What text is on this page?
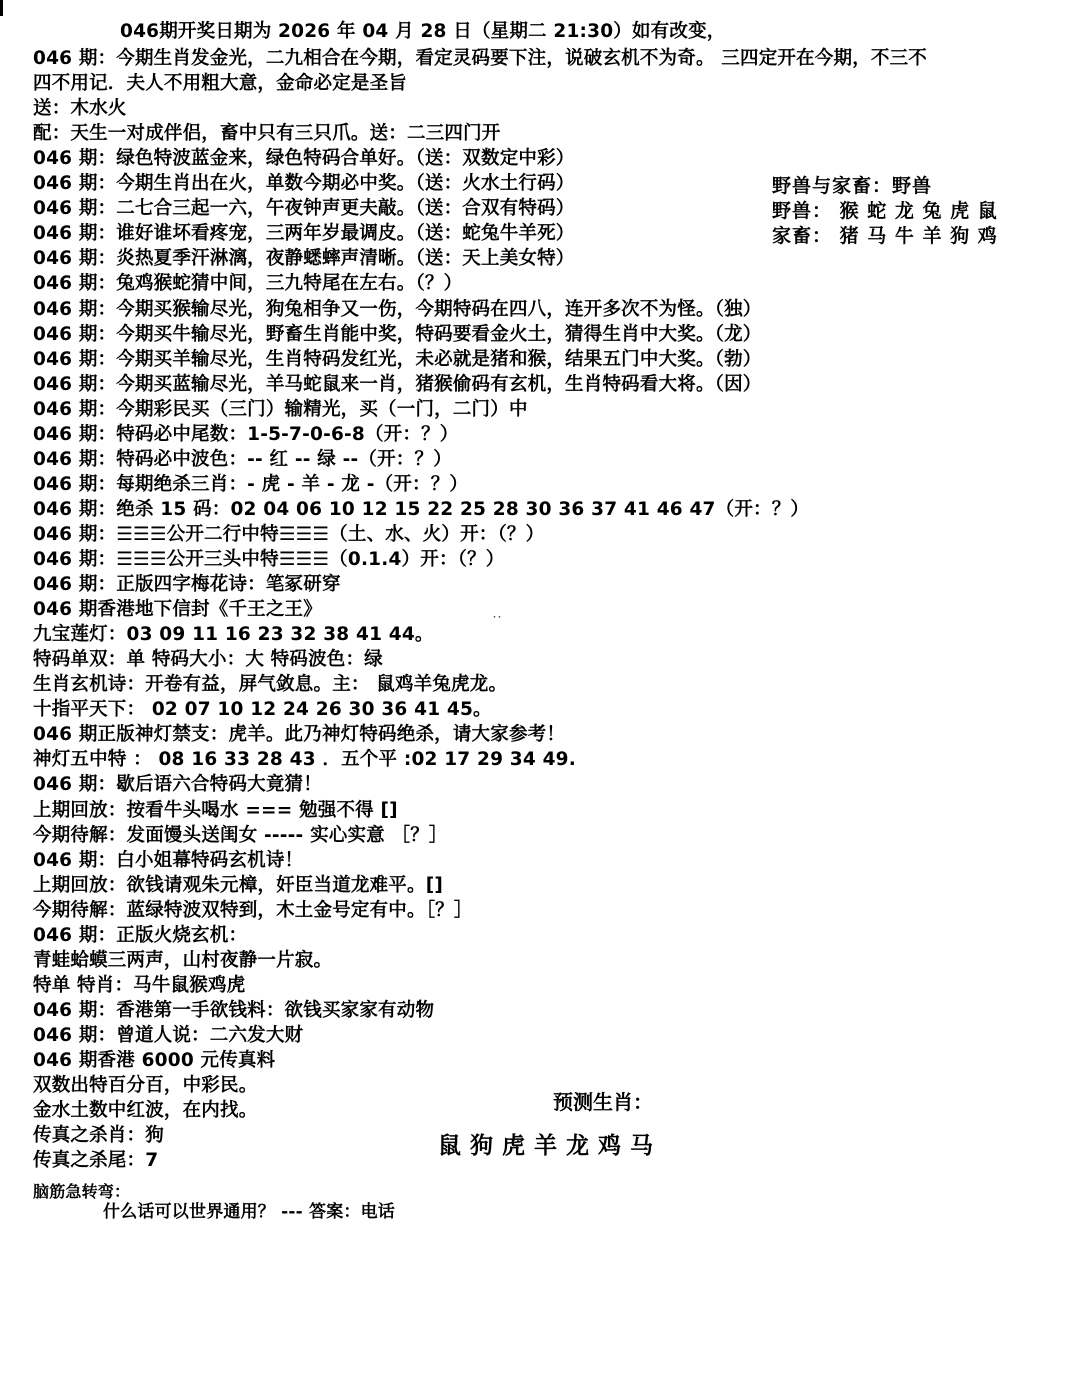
046期开奖日期为 2026 年 04 月 28 日（星期二 21:30）如有改变，
046 期：今期生肖发金光，二九相合在今期，看定灵码要下注，说破玄机不为奇。 三四定开在今期，不三不
四不用记．夫人不用粗大意，金命必定是圣旨
送：木水火
配：天生一对成伴侣，畜中只有三只爪。送：二三四门开
046 期：绿色特波蓝金来，绿色特码合单好。（送：双数定中彩）
046 期：今期生肖出在火，单数今期必中奖。（送：火水土行码）
046 期：二七合三起一六，午夜钟声更夫敲。（送：合双有特码）
046 期：谁好谁坏看疼宠，三两年岁最调皮。（送：蛇兔牛羊死）
046 期：炎热夏季汗淋漓，夜静蟋蟀声清晰。（送：天上美女特）
046 期：兔鸡猴蛇猜中间，三九特尾在左右。（？）
046 期：今期买猴输尽光，狗兔相争又一伤，今期特码在四八，连开多次不为怪。（独）
046 期：今期买牛输尽光，野畜生肖能中奖，特码要看金火土，猜得生肖中大奖。（龙）
046 期：今期买羊输尽光，生肖特码发红光，未必就是猪和猴，结果五门中大奖。（勃）
046 期：今期买蓝输尽光，羊马蛇鼠来一肖，猪猴偷码有玄机，生肖特码看大将。（因）
046 期：今期彩民买（三门）输精光，买（一门，二门）中
046 期：特码必中尾数：1-5-7-0-6-8（开：？）
046 期：特码必中波色：-- 红 -- 绿 --（开：？）
046 期：每期绝杀三肖：- 虎 - 羊 - 龙 -（开：？）
046 期：绝杀 15 码：02 04 06 10 12 15 22 25 28 30 36 37 41 46 47（开：？）
046 期：☰☰☰公开二行中特☰☰☰（土、水、火）开：（？）
046 期：☰☰☰公开三头中特☰☰☰（0.1.4）开：（？）
046 期：正版四字梅花诗：笔冢研穿
046 期香港地下信封《千王之王》
九宝莲灯：03 09 11 16 23 32 38 41 44。
特码单双：单 特码大小：大 特码波色：绿
生肖玄机诗：开卷有益，屏气敛息。主： 鼠鸡羊兔虎龙。
十指平天下： 02 07 10 12 24 26 30 36 41 45。
046 期正版神灯禁支：虎羊。此乃神灯特码绝杀，请大家参考！
神灯五中特 ： 08 16 33 28 43 ．五个平 :02 17 29 34 49.
046 期：歇后语六合特码大竟猜！
上期回放：按看牛头喝水 === 勉强不得 []
今期待解：发面馒头送闺女 ----- 实心实意 ［？］
046 期：白小姐幕特码玄机诗！
上期回放：欲钱请观朱元樟，奸臣当道龙难平。[]
今期待解：蓝绿特波双特到，木土金号定有中。［？］
046 期：正版火烧玄机：
青蛙蛤蟆三两声，山村夜静一片寂。
特单 特肖：马牛鼠猴鸡虎
046 期：香港第一手欲钱料：欲钱买家家有动物
046 期：曾道人说：二六发大财
046 期香港 6000 元传真料
双数出特百分百，中彩民。
金水土数中红波，在内找。
传真之杀肖：狗
传真之杀尾：7
脑筋急转弯：
什么话可以世界通用？ --- 答案：电话
野兽与家畜：野兽
野兽： 猴 蛇 龙 兔 虎 鼠
家畜： 猪 马 牛 羊 狗 鸡
˙˙
预测生肖：
鼠狗虎羊龙鸡马
